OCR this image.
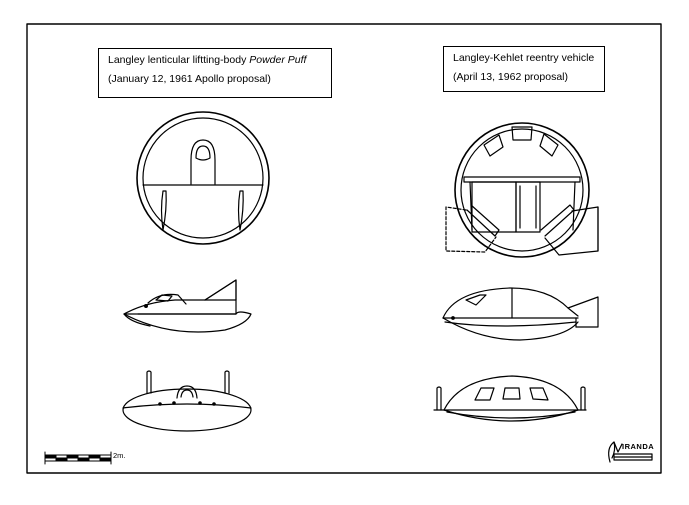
Langley lenticular liftting-body Powder Puff
(January 12, 1961 Apollo proposal)
Langley-Kehlet reentry vehicle
(April 13, 1962 proposal)
2m.
IRANDA
